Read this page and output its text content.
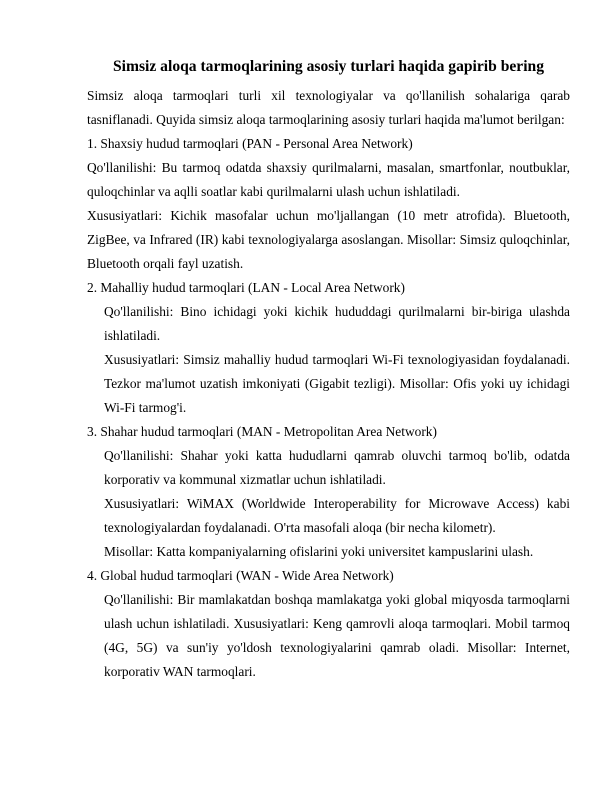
Simsiz aloqa tarmoqlarining asosiy turlari haqida gapirib bering

Simsiz aloqa tarmoqlari turli xil texnologiyalar va qo'llanilish sohalariga qarab tasniflanadi. Quyida simsiz aloqa tarmoqlarining asosiy turlari haqida ma'lumot berilgan:

1. Shaxsiy hudud tarmoqlari (PAN - Personal Area Network)

Qo'llanilishi: Bu tarmoq odatda shaxsiy qurilmalarni, masalan, smartfonlar, noutbuklar, quloqchinlar va aqlli soatlar kabi qurilmalarni ulash uchun ishlatiladi.

Xususiyatlari: Kichik masofalar uchun mo'ljallangan (10 metr atrofida). Bluetooth, ZigBee, va Infrared (IR) kabi texnologiyalarga asoslangan. Misollar: Simsiz quloqchinlar, Bluetooth orqali fayl uzatish.

2. Mahalliy hudud tarmoqlari (LAN - Local Area Network)

Qo'llanilishi: Bino ichidagi yoki kichik hududdagi qurilmalarni bir-biriga ulashda ishlatiladi.

Xususiyatlari: Simsiz mahalliy hudud tarmoqlari Wi-Fi texnologiyasidan foydalanadi. Tezkor ma'lumot uzatish imkoniyati (Gigabit tezligi). Misollar: Ofis yoki uy ichidagi Wi-Fi tarmog'i.

3. Shahar hudud tarmoqlari (MAN - Metropolitan Area Network)

Qo'llanilishi: Shahar yoki katta hududlarni qamrab oluvchi tarmoq bo'lib, odatda korporativ va kommunal xizmatlar uchun ishlatiladi.

Xususiyatlari: WiMAX (Worldwide Interoperability for Microwave Access) kabi texnologiyalardan foydalanadi. O'rta masofali aloqa (bir necha kilometr).

Misollar: Katta kompaniyalarning ofislarini yoki universitet kampuslarini ulash.

4. Global hudud tarmoqlari (WAN - Wide Area Network)

Qo'llanilishi: Bir mamlakatdan boshqa mamlakatga yoki global miqyosda tarmoqlarni ulash uchun ishlatiladi. Xususiyatlari: Keng qamrovli aloqa tarmoqlari. Mobil tarmoq (4G, 5G) va sun'iy yo'ldosh texnologiyalarini qamrab oladi. Misollar: Internet, korporativ WAN tarmoqlari.
